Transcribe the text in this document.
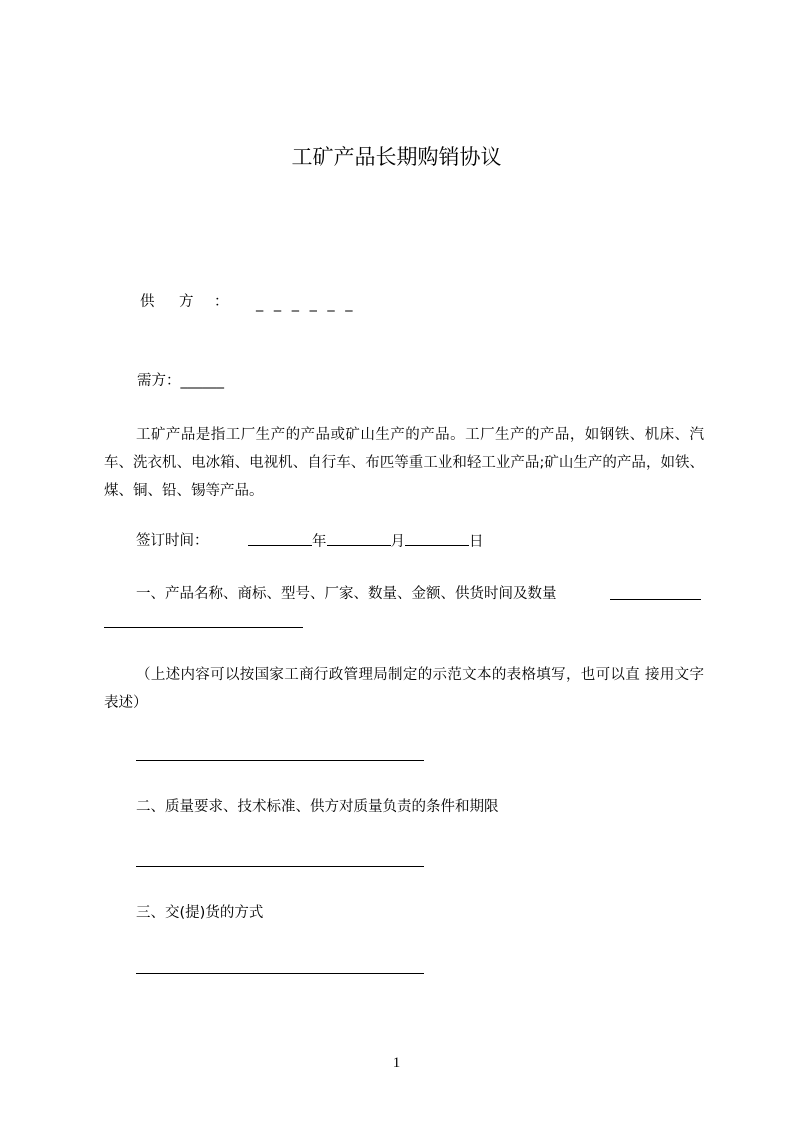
工矿产品长期购销协议
供 方 ： _ _ _ _ _ _
需方：______
工矿产品是指工厂生产的产品或矿山生产的产品。工厂生产的产品，如钢铁、机床、汽车、洗衣机、电冰箱、电视机、自行车、布匹等重工业和轻工业产品;矿山生产的产品，如铁、煤、铜、铅、锡等产品。
签订时间：	年	月	日
一、产品名称、商标、型号、厂家、数量、金额、供货时间及数量
（上述内容可以按国家工商行政管理局制定的示范文本的表格填写，也可以直 接用文字表述）
二、质量要求、技术标准、供方对质量负责的条件和期限
三、交(提)货的方式
1
